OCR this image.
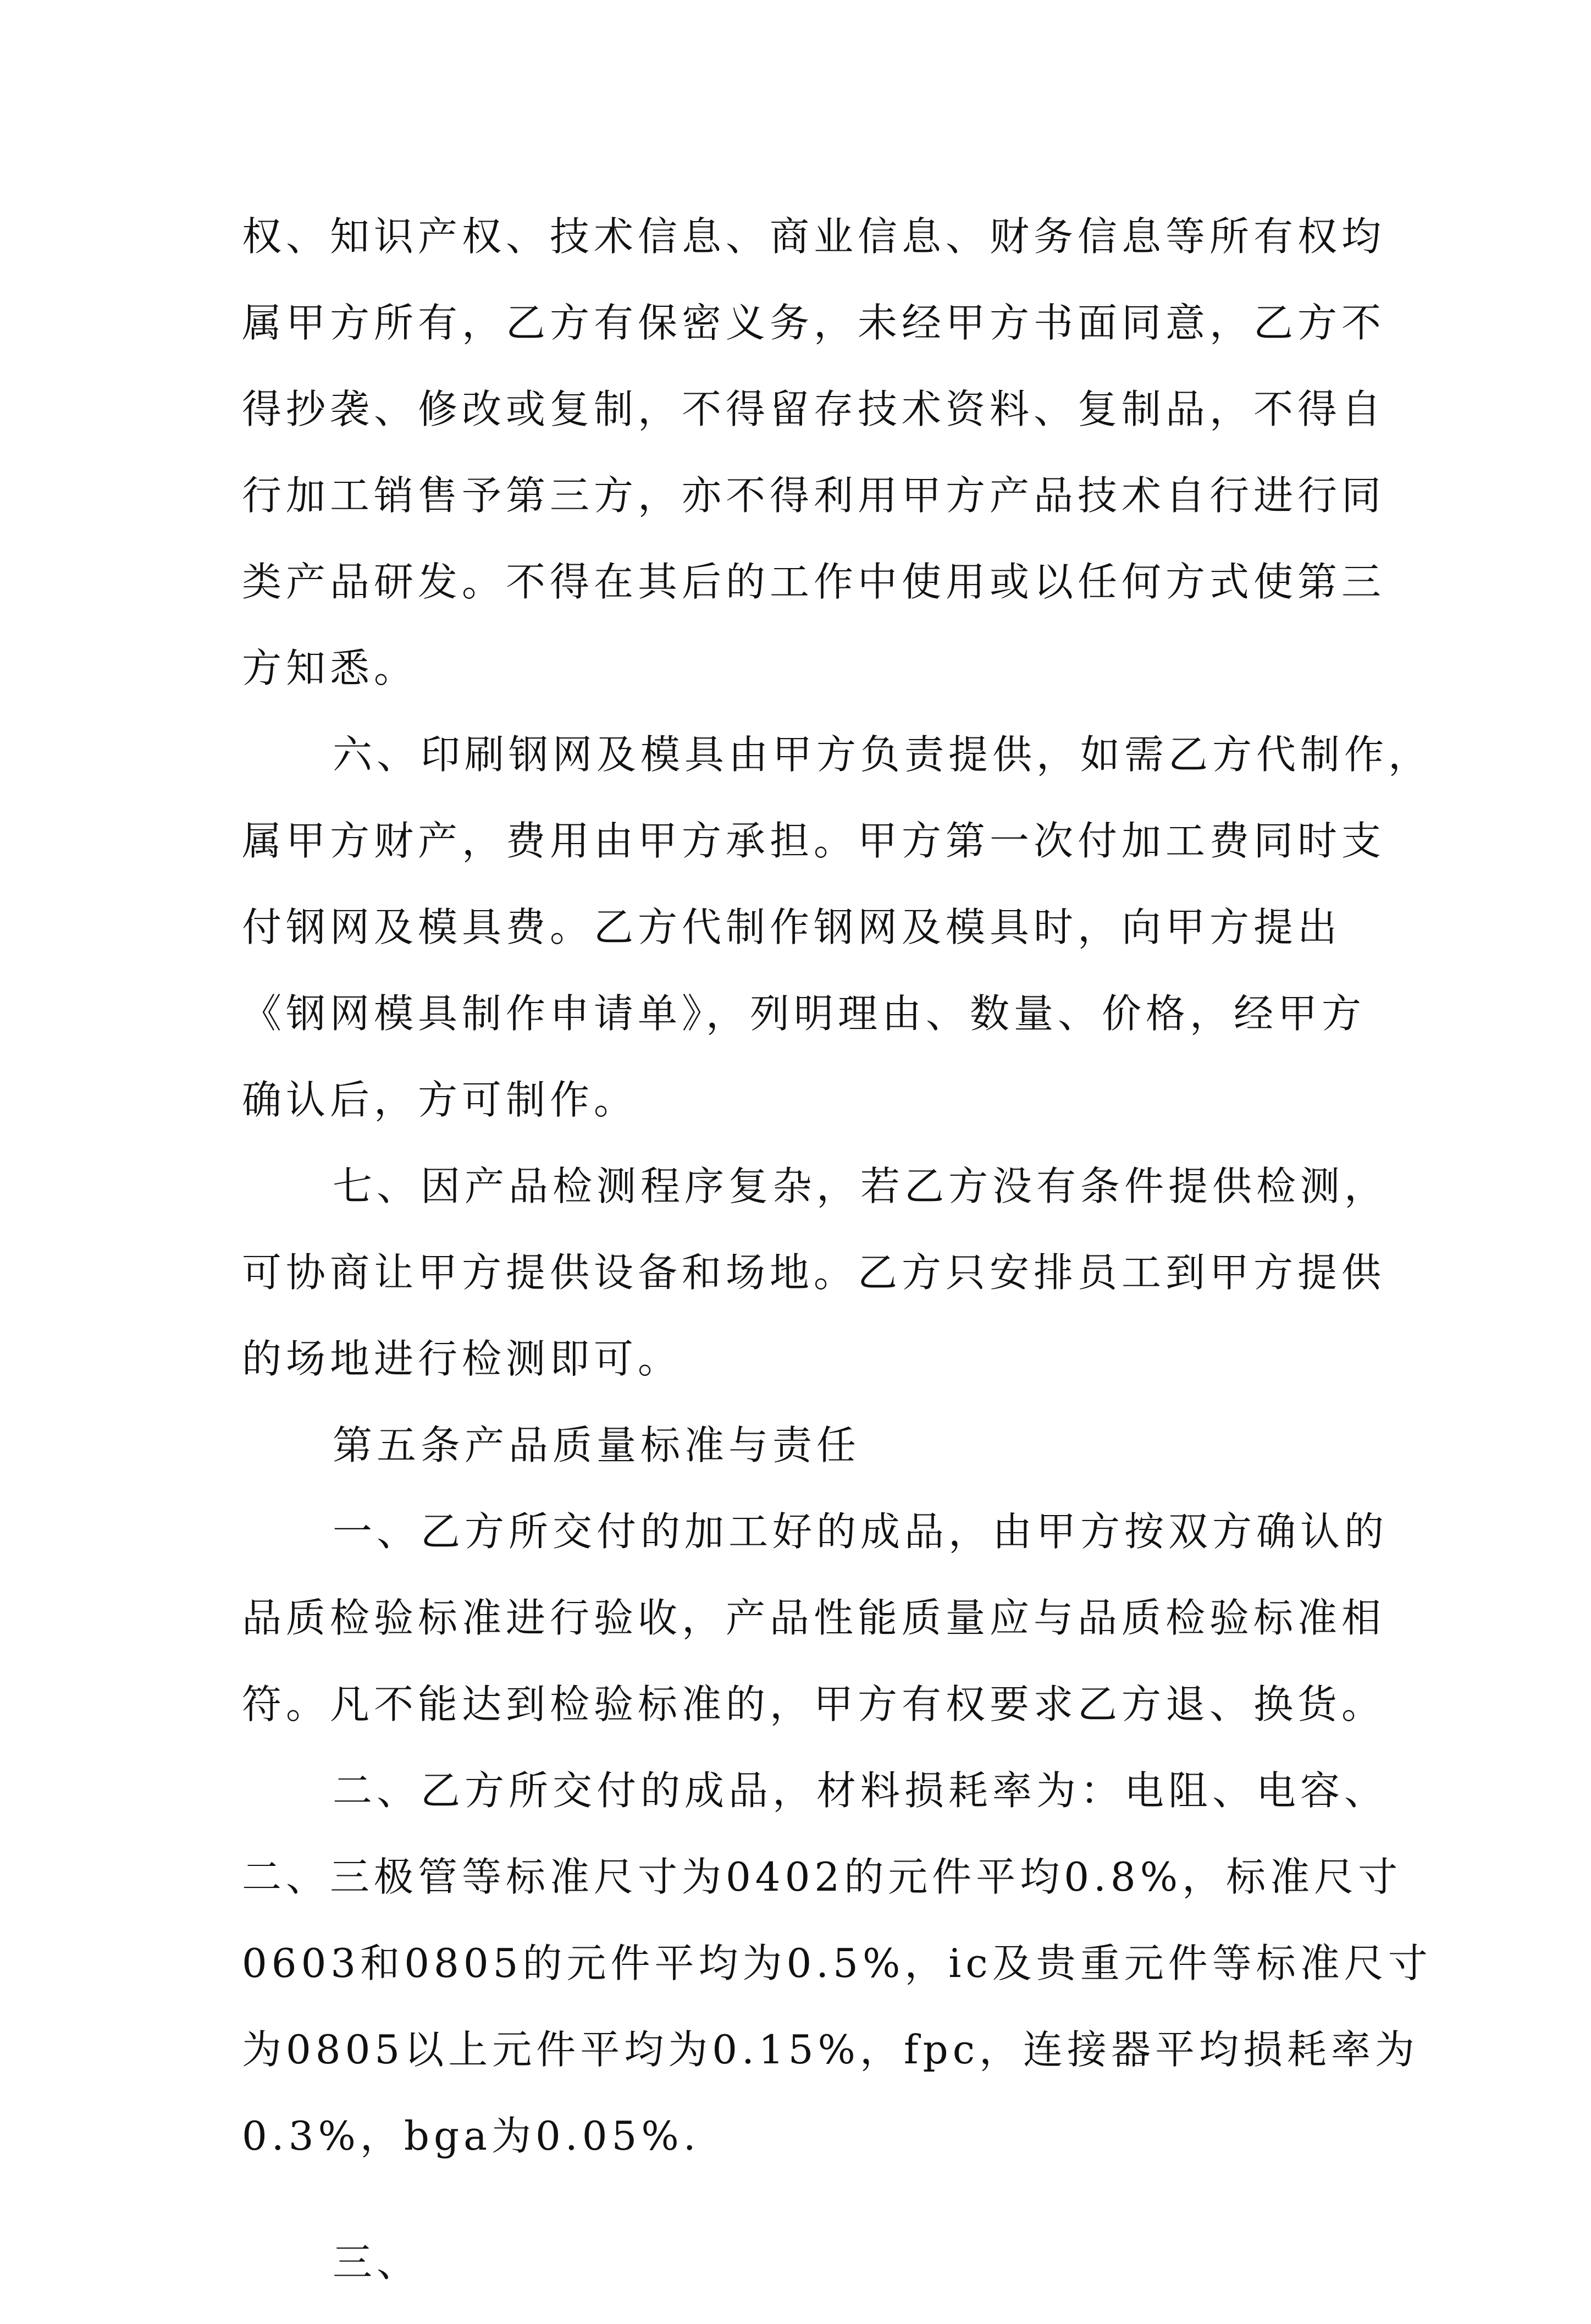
权、知识产权、技术信息、商业信息、财务信息等所有权均
属甲方所有，乙方有保密义务，未经甲方书面同意，乙方不
得抄袭、修改或复制，不得留存技术资料、复制品，不得自
行加工销售予第三方，亦不得利用甲方产品技术自行进行同
类产品研发。不得在其后的工作中使用或以任何方式使第三
方知悉。
六、印刷钢网及模具由甲方负责提供，如需乙方代制作，
属甲方财产，费用由甲方承担。甲方第一次付加工费同时支
付钢网及模具费。乙方代制作钢网及模具时，向甲方提出
《钢网模具制作申请单》，列明理由、数量、价格，经甲方
确认后，方可制作。
七、因产品检测程序复杂，若乙方没有条件提供检测，
可协商让甲方提供设备和场地。乙方只安排员工到甲方提供
的场地进行检测即可。
第五条产品质量标准与责任
一、乙方所交付的加工好的成品，由甲方按双方确认的
品质检验标准进行验收，产品性能质量应与品质检验标准相
符。凡不能达到检验标准的，甲方有权要求乙方退、换货。
二、乙方所交付的成品，材料损耗率为：电阻、电容、
二、三极管等标准尺寸为0402的元件平均0.8%，标准尺寸
0603和0805的元件平均为0.5%，ic及贵重元件等标准尺寸
为0805以上元件平均为0.15%，fpc，连接器平均损耗率为
0.3%，bga为0.05%.
三、
